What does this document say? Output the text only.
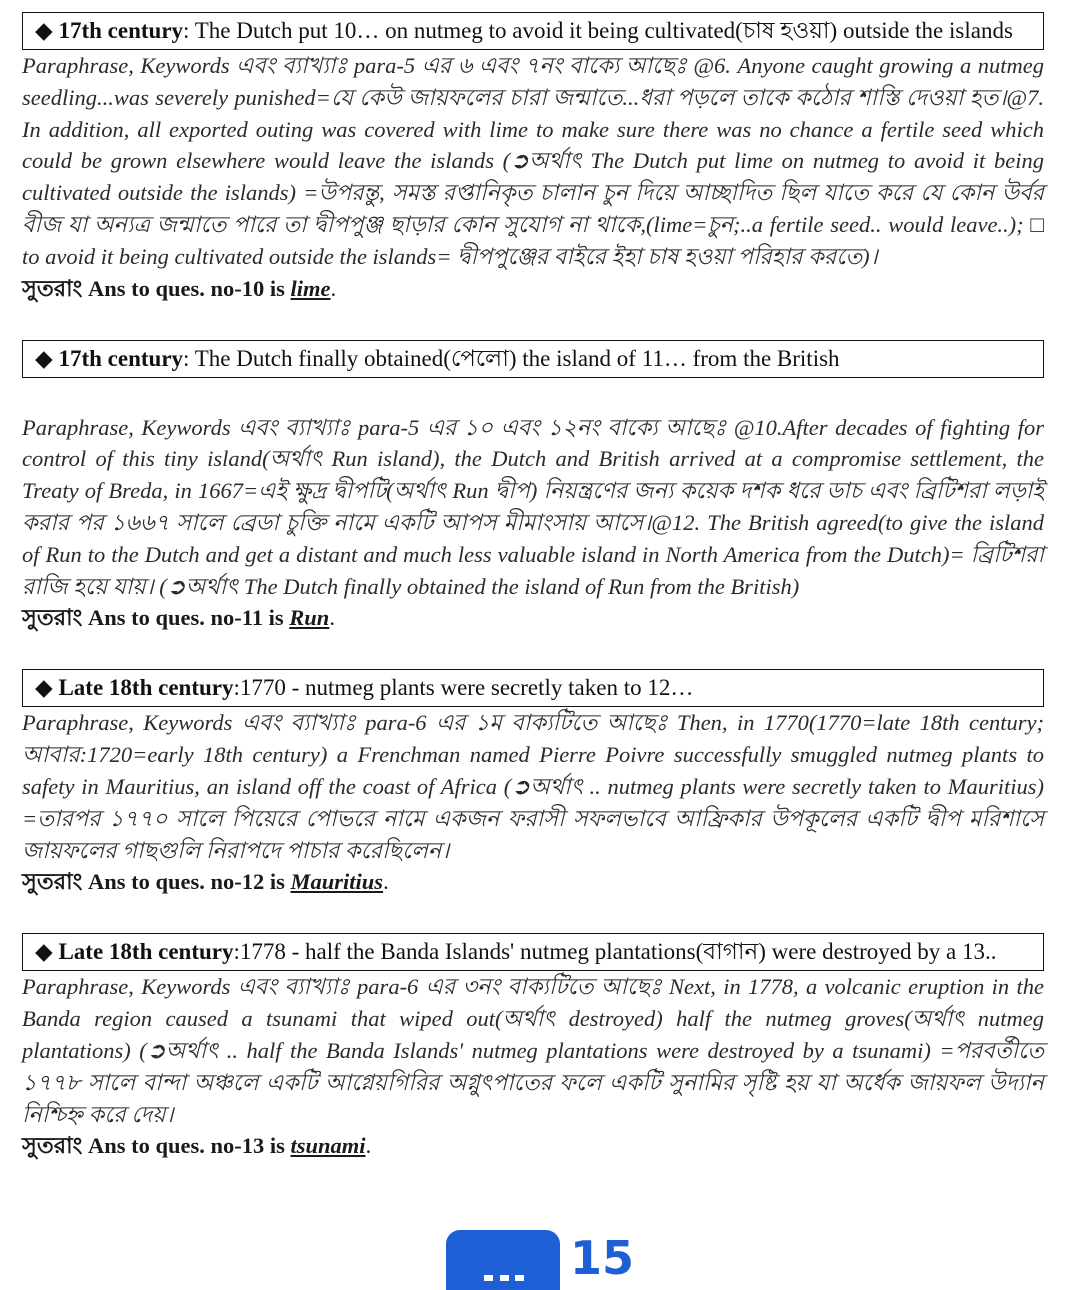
◆ 17th century: The Dutch put 10… on nutmeg to avoid it being cultivated(চাষ হওয়া) outside the islands

Paraphrase, Keywords এবং ব্যাখ্যাঃ para-5 এর ৬ এবং ৭নং বাক্যে আছেঃ @6. Anyone caught growing a nutmeg seedling...was severely punished=যে কেউ জায়ফলের চারা জন্মাতে...ধরা পড়লে তাকে কঠোর শাস্তি দেওয়া হত।@7. In addition, all exported outing was covered with lime to make sure there was no chance a fertile seed which could be grown elsewhere would leave the islands (➲অর্থাৎ The Dutch put lime on nutmeg to avoid it being cultivated outside the islands) =উপরন্তু, সমস্ত রপ্তানিকৃত চালান চুন দিয়ে আচ্ছাদিত ছিল যাতে করে যে কোন উর্বর বীজ যা অন্যত্র জন্মাতে পারে তা দ্বীপপুঞ্জ ছাড়ার কোন সুযোগ না থাকে,(lime=চুন;..a fertile seed.. would leave..); □ to avoid it being cultivated outside the islands= দ্বীপপুঞ্জের বাইরে ইহা চাষ হওয়া পরিহার করতে)।

সুতরাং Ans to ques. no-10 is lime.

◆ 17th century: The Dutch finally obtained(পেলো) the island of 11… from the British

Paraphrase, Keywords এবং ব্যাখ্যাঃ para-5 এর ১০ এবং ১২নং বাক্যে আছেঃ @10.After decades of fighting for control of this tiny island(অর্থাৎ Run island), the Dutch and British arrived at a compromise settlement, the Treaty of Breda, in 1667=এই ক্ষুদ্র দ্বীপটি(অর্থাৎ Run দ্বীপ) নিয়ন্ত্রণের জন্য কয়েক দশক ধরে ডাচ এবং ব্রিটিশরা লড়াই করার পর ১৬৬৭ সালে ব্রেডা চুক্তি নামে একটি আপস মীমাংসায় আসে।@12. The British agreed(to give the island of Run to the Dutch and get a distant and much less valuable island in North America from the Dutch)= ব্রিটিশরা রাজি হয়ে যায়। (➲অর্থাৎ The Dutch finally obtained the island of Run from the British)

সুতরাং Ans to ques. no-11 is Run.

◆ Late 18th century:1770 - nutmeg plants were secretly taken to 12…

Paraphrase, Keywords এবং ব্যাখ্যাঃ para-6 এর ১ম বাক্যটিতে আছেঃ Then, in 1770(1770=late 18th century; আবার:1720=early 18th century) a Frenchman named Pierre Poivre successfully smuggled nutmeg plants to safety in Mauritius, an island off the coast of Africa (➲অর্থাৎ .. nutmeg plants were secretly taken to Mauritius) =তারপর ১৭৭০ সালে পিয়েরে পোভরে নামে একজন ফরাসী সফলভাবে আফ্রিকার উপকূলের একটি দ্বীপ মরিশাসে জায়ফলের গাছগুলি নিরাপদে পাচার করেছিলেন।

সুতরাং Ans to ques. no-12 is Mauritius.

◆ Late 18th century:1778 - half the Banda Islands' nutmeg plantations(বাগান) were destroyed by a 13..

Paraphrase, Keywords এবং ব্যাখ্যাঃ para-6 এর ৩নং বাক্যটিতে আছেঃ Next, in 1778, a volcanic eruption in the Banda region caused a tsunami that wiped out(অর্থাৎ destroyed) half the nutmeg groves(অর্থাৎ nutmeg plantations) (➲অর্থাৎ .. half the Banda Islands' nutmeg plantations were destroyed by a tsunami) =পরবর্তীতে ১৭৭৮ সালে বান্দা অঞ্চলে একটি আগ্নেয়গিরির অগ্নুৎপাতের ফলে একটি সুনামির সৃষ্টি হয় যা অর্ধেক জায়ফল উদ্যান নিশ্চিহ্ন করে দেয়।

সুতরাং Ans to ques. no-13 is tsunami.

15
